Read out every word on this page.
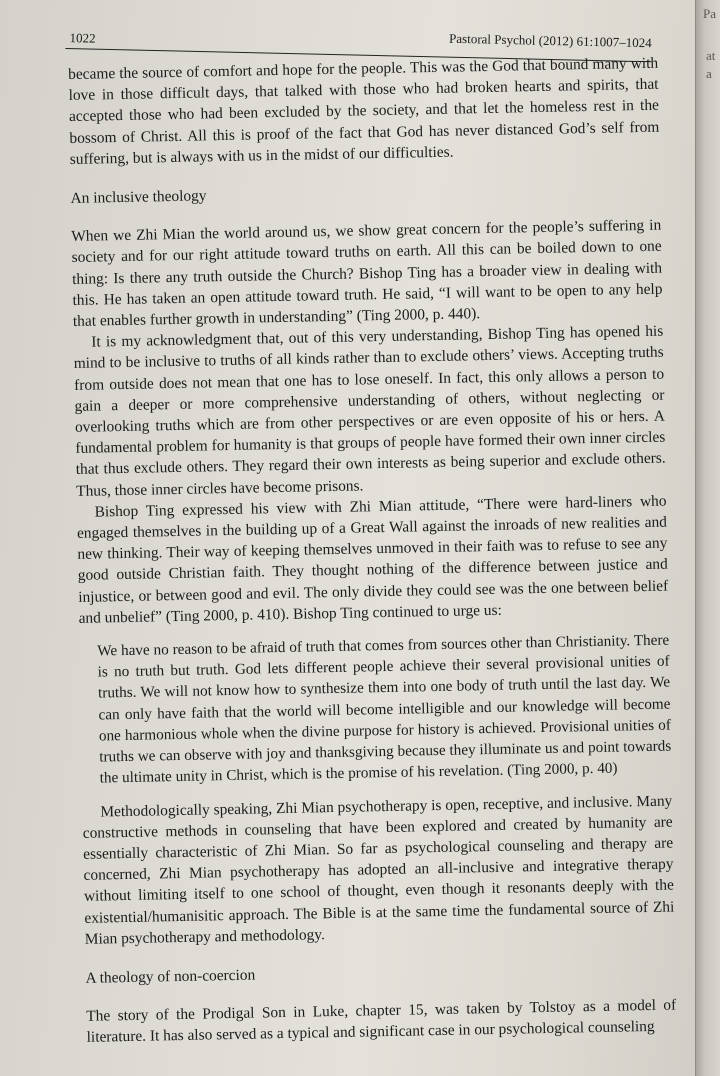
Pa
at
a
1022	Pastoral Psychol (2012) 61:1007–1024

became the source of comfort and hope for the people. This was the God that bound many with love in those difficult days, that talked with those who had broken hearts and spirits, that accepted those who had been excluded by the society, and that let the homeless rest in the bossom of Christ. All this is proof of the fact that God has never distanced God’s self from suffering, but is always with us in the midst of our difficulties.

An inclusive theology

When we Zhi Mian the world around us, we show great concern for the people’s suffering in society and for our right attitude toward truths on earth. All this can be boiled down to one thing: Is there any truth outside the Church? Bishop Ting has a broader view in dealing with this. He has taken an open attitude toward truth. He said, “I will want to be open to any help that enables further growth in understanding” (Ting 2000, p. 440).

It is my acknowledgment that, out of this very understanding, Bishop Ting has opened his mind to be inclusive to truths of all kinds rather than to exclude others’ views. Accepting truths from outside does not mean that one has to lose oneself. In fact, this only allows a person to gain a deeper or more comprehensive understanding of others, without neglecting or overlooking truths which are from other perspectives or are even opposite of his or hers. A fundamental problem for humanity is that groups of people have formed their own inner circles that thus exclude others. They regard their own interests as being superior and exclude others. Thus, those inner circles have become prisons.

Bishop Ting expressed his view with Zhi Mian attitude, “There were hard-liners who engaged themselves in the building up of a Great Wall against the inroads of new realities and new thinking. Their way of keeping themselves unmoved in their faith was to refuse to see any good outside Christian faith. They thought nothing of the difference between justice and injustice, or between good and evil. The only divide they could see was the one between belief and unbelief” (Ting 2000, p. 410). Bishop Ting continued to urge us:

We have no reason to be afraid of truth that comes from sources other than Christianity. There is no truth but truth. God lets different people achieve their several provisional unities of truths. We will not know how to synthesize them into one body of truth until the last day. We can only have faith that the world will become intelligible and our knowledge will become one harmonious whole when the divine purpose for history is achieved. Provisional unities of truths we can observe with joy and thanksgiving because they illuminate us and point towards the ultimate unity in Christ, which is the promise of his revelation. (Ting 2000, p. 40)

Methodologically speaking, Zhi Mian psychotherapy is open, receptive, and inclusive. Many constructive methods in counseling that have been explored and created by humanity are essentially characteristic of Zhi Mian. So far as psychological counseling and therapy are concerned, Zhi Mian psychotherapy has adopted an all-inclusive and integrative therapy without limiting itself to one school of thought, even though it resonants deeply with the existential/humanisitic approach. The Bible is at the same time the fundamental source of Zhi Mian psychotherapy and methodology.

A theology of non-coercion

The story of the Prodigal Son in Luke, chapter 15, was taken by Tolstoy as a model of literature. It has also served as a typical and significant case in our psychological counseling
